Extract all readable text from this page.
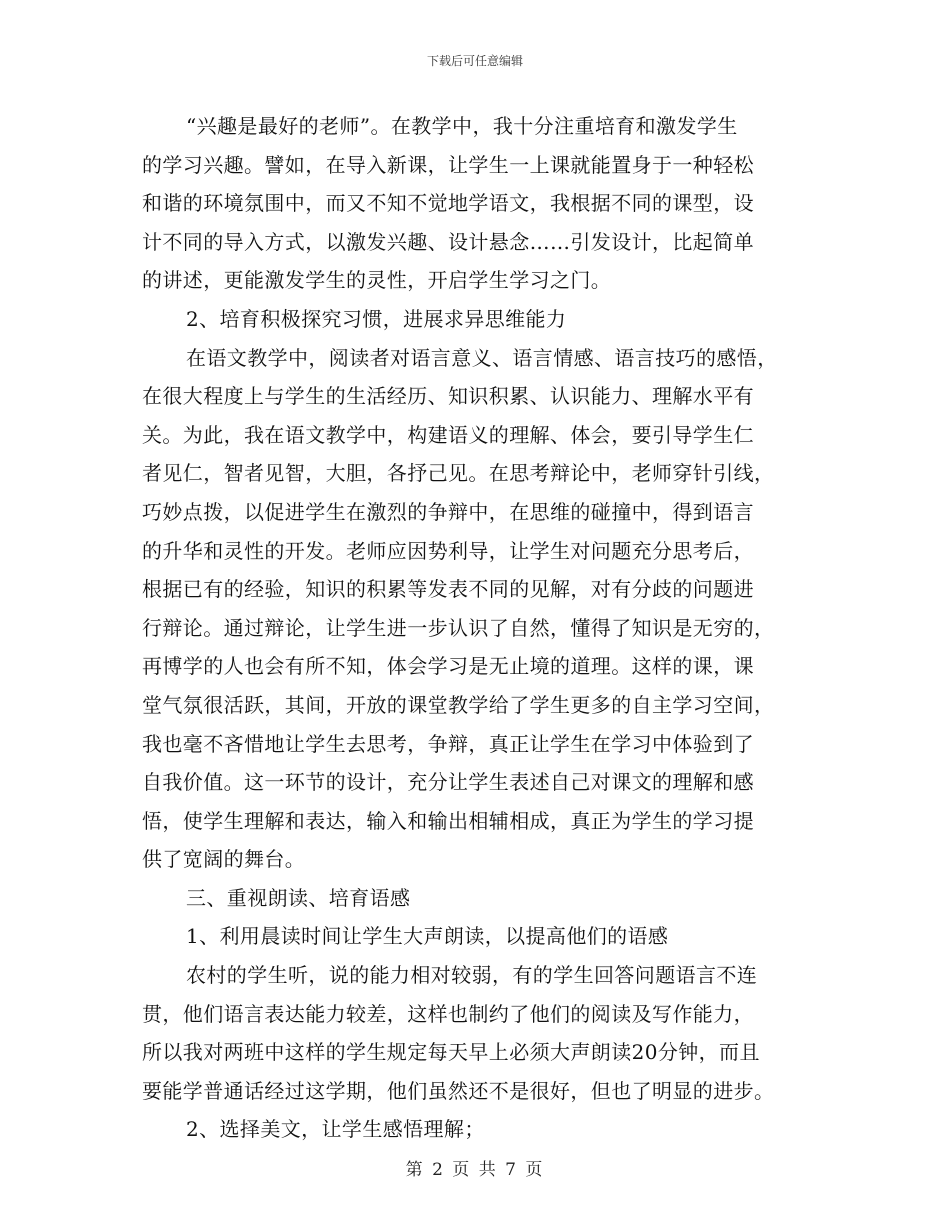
下载后可任意编辑
“兴趣是最好的老师”。在教学中，我十分注重培育和激发学生
的学习兴趣。譬如，在导入新课，让学生一上课就能置身于一种轻松
和谐的环境氛围中，而又不知不觉地学语文，我根据不同的课型，设
计不同的导入方式，以激发兴趣、设计悬念……引发设计，比起简单
的讲述，更能激发学生的灵性，开启学生学习之门。
2、培育积极探究习惯，进展求异思维能力
在语文教学中，阅读者对语言意义、语言情感、语言技巧的感悟，
在很大程度上与学生的生活经历、知识积累、认识能力、理解水平有
关。为此，我在语文教学中，构建语义的理解、体会，要引导学生仁
者见仁，智者见智，大胆，各抒己见。在思考辩论中，老师穿针引线，
巧妙点拨，以促进学生在激烈的争辩中，在思维的碰撞中，得到语言
的升华和灵性的开发。老师应因势利导，让学生对问题充分思考后，
根据已有的经验，知识的积累等发表不同的见解，对有分歧的问题进
行辩论。通过辩论，让学生进一步认识了自然，懂得了知识是无穷的，
再博学的人也会有所不知，体会学习是无止境的道理。这样的课，课
堂气氛很活跃，其间，开放的课堂教学给了学生更多的自主学习空间，
我也毫不吝惜地让学生去思考，争辩，真正让学生在学习中体验到了
自我价值。这一环节的设计，充分让学生表述自己对课文的理解和感
悟，使学生理解和表达，输入和输出相辅相成，真正为学生的学习提
供了宽阔的舞台。
三、重视朗读、培育语感
1、利用晨读时间让学生大声朗读，以提高他们的语感
农村的学生听，说的能力相对较弱，有的学生回答问题语言不连
贯，他们语言表达能力较差，这样也制约了他们的阅读及写作能力，
所以我对两班中这样的学生规定每天早上必须大声朗读20分钟，而且
要能学普通话经过这学期，他们虽然还不是很好，但也了明显的进步。
2、选择美文，让学生感悟理解；
第 2 页 共 7 页
